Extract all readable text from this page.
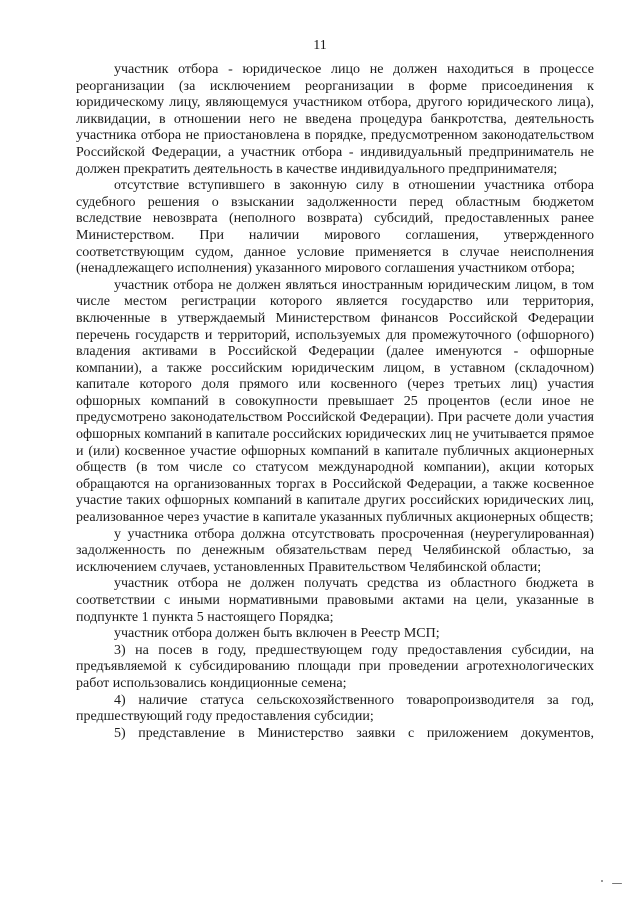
11

участник отбора - юридическое лицо не должен находиться в процессе реорганизации (за исключением реорганизации в форме присоединения к юридическому лицу, являющемуся участником отбора, другого юридического лица), ликвидации, в отношении него не введена процедура банкротства, деятельность участника отбора не приостановлена в порядке, предусмотренном законодательством Российской Федерации, а участник отбора - индивидуальный предприниматель не должен прекратить деятельность в качестве индивидуального предпринимателя;

отсутствие вступившего в законную силу в отношении участника отбора судебного решения о взыскании задолженности перед областным бюджетом вследствие невозврата (неполного возврата) субсидий, предоставленных ранее Министерством. При наличии мирового соглашения, утвержденного соответствующим судом, данное условие применяется в случае неисполнения (ненадлежащего исполнения) указанного мирового соглашения участником отбора;

участник отбора не должен являться иностранным юридическим лицом, в том числе местом регистрации которого является государство или территория, включенные в утверждаемый Министерством финансов Российской Федерации перечень государств и территорий, используемых для промежуточного (офшорного) владения активами в Российской Федерации (далее именуются - офшорные компании), а также российским юридическим лицом, в уставном (складочном) капитале которого доля прямого или косвенного (через третьих лиц) участия офшорных компаний в совокупности превышает 25 процентов (если иное не предусмотрено законодательством Российской Федерации). При расчете доли участия офшорных компаний в капитале российских юридических лиц не учитывается прямое и (или) косвенное участие офшорных компаний в капитале публичных акционерных обществ (в том числе со статусом международной компании), акции которых обращаются на организованных торгах в Российской Федерации, а также косвенное участие таких офшорных компаний в капитале других российских юридических лиц, реализованное через участие в капитале указанных публичных акционерных обществ;

у участника отбора должна отсутствовать просроченная (неурегулированная) задолженность по денежным обязательствам перед Челябинской областью, за исключением случаев, установленных Правительством Челябинской области;

участник отбора не должен получать средства из областного бюджета в соответствии с иными нормативными правовыми актами на цели, указанные в подпункте 1 пункта 5 настоящего Порядка;

участник отбора должен быть включен в Реестр МСП;

3) на посев в году, предшествующем году предоставления субсидии, на предъявляемой к субсидированию площади при проведении агротехнологических работ использовались кондиционные семена;

4) наличие статуса сельскохозяйственного товаропроизводителя за год, предшествующий году предоставления субсидии;

5) представление в Министерство заявки с приложением документов,
